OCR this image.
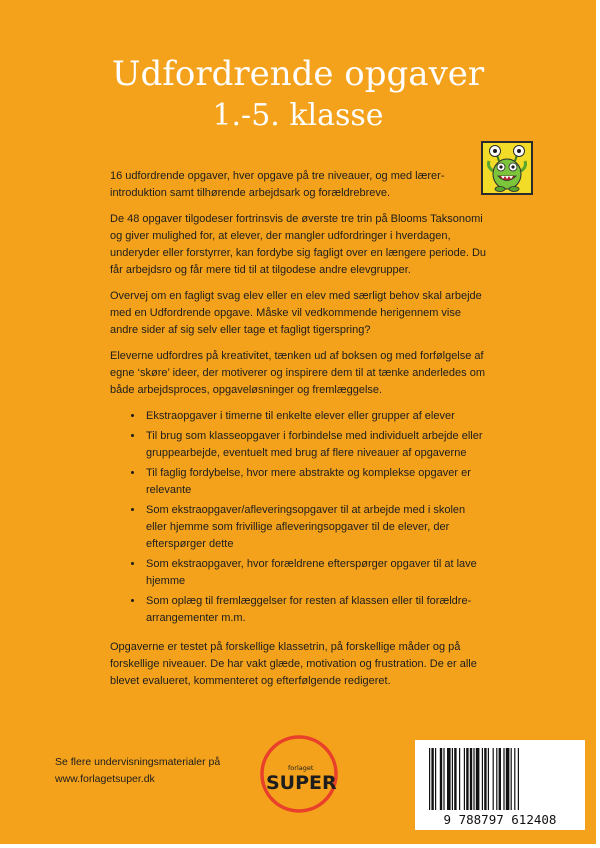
Udfordrende opgaver
1.-5. klasse

16 udfordrende opgaver, hver opgave på tre niveauer, og med lærer-introduktion samt tilhørende arbejdsark og forældrebreve.

De 48 opgaver tilgodeser fortrinsvis de øverste tre trin på Blooms Taksonomi og giver mulighed for, at elever, der mangler udfordringer i hverdagen, underyder eller forstyrrer, kan fordybe sig fagligt over en længere periode. Du får arbejdsro og får mere tid til at tilgodese andre elevgrupper.

Overvej om en fagligt svag elev eller en elev med særligt behov skal arbejde med en Udfordrende opgave. Måske vil vedkommende herigennem vise andre sider af sig selv eller tage et fagligt tigerspring?

Eleverne udfordres på kreativitet, tænken ud af boksen og med forfølgelse af egne ‘skøre’ ideer, der motiverer og inspirere dem til at tænke anderledes om både arbejdsproces, opgaveløsninger og fremlæggelse.

• Ekstraopgaver i timerne til enkelte elever eller grupper af elever
• Til brug som klasseopgaver i forbindelse med individuelt arbejde eller gruppearbejde, eventuelt med brug af flere niveauer af opgaverne
• Til faglig fordybelse, hvor mere abstrakte og komplekse opgaver er relevante
• Som ekstraopgaver/afleveringsopgaver til at arbejde med i skolen eller hjemme som frivillige afleveringsopgaver til de elever, der efterspørger dette
• Som ekstraopgaver, hvor forældrene efterspørger opgaver til at lave hjemme
• Som oplæg til fremlæggelser for resten af klassen eller til forældre-arrangementer m.m.

Opgaverne er testet på forskellige klassetrin, på forskellige måder og på forskellige niveauer. De har vakt glæde, motivation og frustration. De er alle blevet evalueret, kommenteret og efterfølgende redigeret.

Se flere undervisningsmaterialer på
www.forlagetsuper.dk
forlaget
SUPER
9 788797 612408
